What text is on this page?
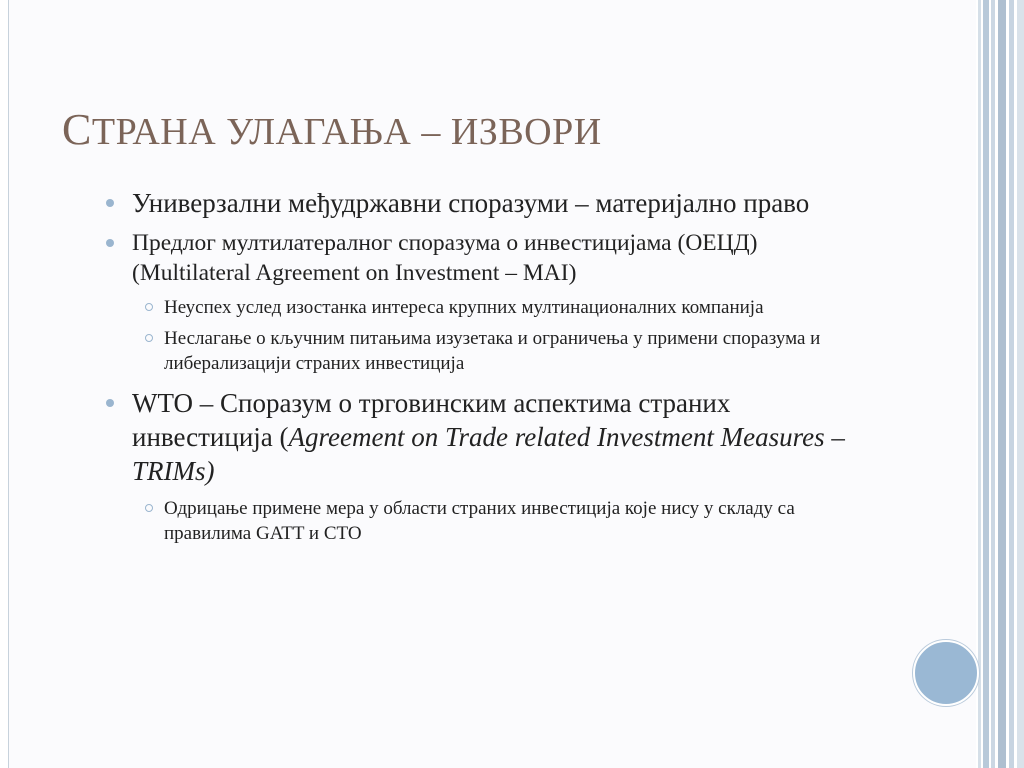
СТРАНА УЛАГАЊА – ИЗВОРИ
Универзални међудржавни споразуми – материјално право
Предлог мултилатералног споразума о инвестицијама (ОЕЦД) (Multilateral Agreement on Investment – MAI)
Неуспех услед изостанка интереса крупних мултинационалних компанија
Неслагање о кључним питањима изузетака и ограничења у примени споразума и либерализацији страних инвестиција
WTO – Споразум о трговинским аспектима страних инвестиција (Agreement on Trade related Investment Measures – TRIMs)
Одрицање примене мера у области страних инвестиција које нису у складу са правилима GATT и СТО
